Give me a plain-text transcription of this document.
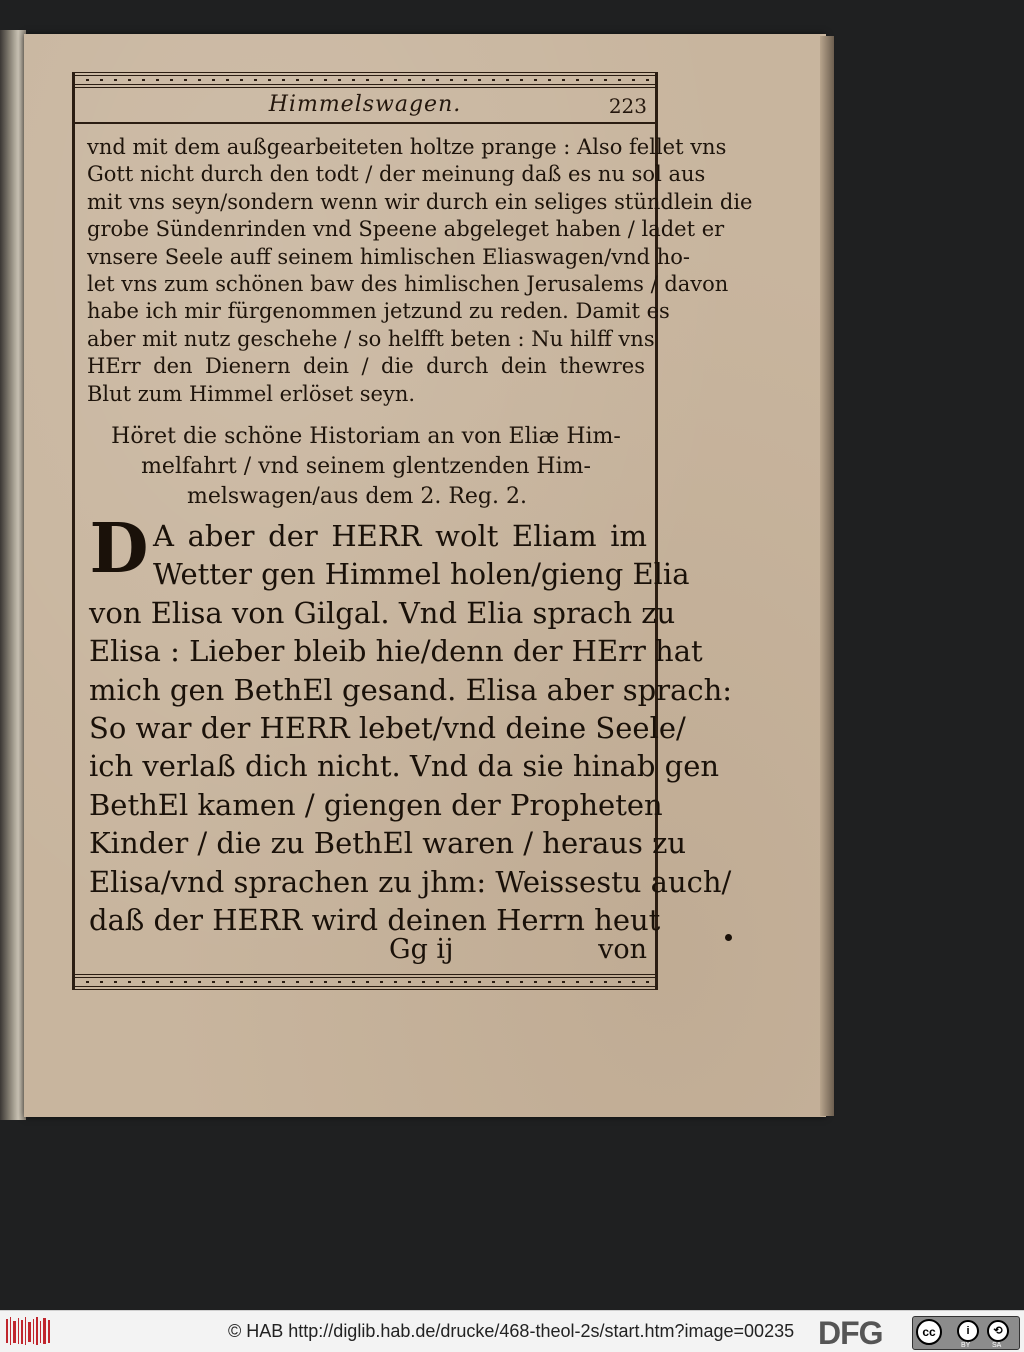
Himmelswagen.	223
vnd mit dem außgearbeiteten holtze prange : Also fellet vns
Gott nicht durch den todt / der meinung daß es nu sol aus
mit vns seyn/sondern wenn wir durch ein seliges stündlein die
grobe Sündenrinden vnd Speene abgeleget haben / ladet er
vnsere Seele auff seinem himlischen Eliaswagen/vnd ho-
let vns zum schönen baw des himlischen Jerusalems / davon
habe ich mir fürgenommen jetzund zu reden. Damit es
aber mit nutz geschehe / so helfft beten : Nu hilff vns
HErr den Dienern dein / die durch dein thewres
Blut zum Himmel erlöset seyn.
Höret die schöne Historiam an von Eliæ Him-
melfahrt / vnd seinem glentzenden Him-
melswagen/aus dem 2. Reg. 2.
D A aber der HERR wolt Eliam im
Wetter gen Himmel holen/gieng Elia
von Elisa von Gilgal. Vnd Elia sprach zu
Elisa : Lieber bleib hie/denn der HErr hat
mich gen BethEl gesand. Elisa aber sprach:
So war der HERR lebet/vnd deine Seele/
ich verlaß dich nicht. Vnd da sie hinab gen
BethEl kamen / giengen der Propheten
Kinder / die zu BethEl waren / heraus zu
Elisa/vnd sprachen zu jhm: Weissestu auch/
daß der HERR wird deinen Herrn heut
Gg ij	von
© HAB http://diglib.hab.de/drucke/468-theol-2s/start.htm?image=00235 DFG	cc	i	⟲
BY	SA
